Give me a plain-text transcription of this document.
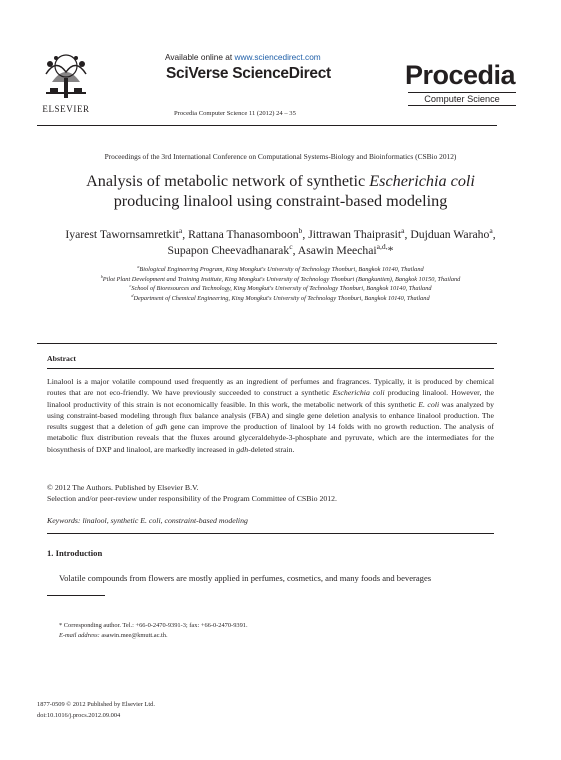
ELSEVIER
Available online at www.sciencedirect.com
SciVerse ScienceDirect
Procedia Computer Science 11 (2012) 24 – 35
Procedia
Computer Science
Proceedings of the 3rd International Conference on Computational Systems-Biology and Bioinformatics (CSBio 2012)
Analysis of metabolic network of synthetic Escherichia coli
producing linalool using constraint-based modeling
Iyarest Tawornsamretkit$^a$, Rattana Thanasomboon$^b$, Jittrawan Thaiprasit$^a$, Dujduan Waraho$^a$, Supapon Cheevadhanarak$^c$, Asawin Meechai$^{a,d,}$*
$^a$Biological Engineering Program, King Mongkut's University of Technology Thonburi, Bangkok 10140, Thailand
$^b$Pilot Plant Development and Training Institute, King Mongkut's University of Technology Thonburi (Bangkuntien), Bangkok 10150, Thailand
$^c$School of Bioresources and Technology, King Mongkut's University of Technology Thonburi, Bangkok 10140, Thailand
$^d$Department of Chemical Engineering, King Mongkut's University of Technology Thonburi, Bangkok 10140, Thailand
Abstract
Linalool is a major volatile compound used frequently as an ingredient of perfumes and fragrances. Typically, it is produced by chemical routes that are not eco-friendly. We have previously succeeded to construct a synthetic Escherichia coli producing linalool. However, the linalool productivity of this strain is not economically feasible. In this work, the metabolic network of this synthetic E. coli was analyzed by using constraint-based modeling through flux balance analysis (FBA) and single gene deletion analysis to enhance linalool production. The results suggest that a deletion of gdh gene can improve the production of linalool by 14 folds with no growth reduction. The analysis of metabolic flux distribution reveals that the fluxes around glyceraldehyde-3-phosphate and pyruvate, which are the intermediates for the biosynthesis of DXP and linalool, are markedly increased in gdh-deleted strain.
© 2012 The Authors. Published by Elsevier B.V.
Selection and/or peer-review under responsibility of the Program Committee of CSBio 2012.
Keywords: linalool, synthetic E. coli, constraint-based modeling
1. Introduction
Volatile compounds from flowers are mostly applied in perfumes, cosmetics, and many foods and beverages
* Corresponding author. Tel.: +66-0-2470-9391-3; fax: +66-0-2470-9391.
E-mail address: asawin.mee@kmutt.ac.th.
1877-0509 © 2012 Published by Elsevier Ltd.
doi:10.1016/j.procs.2012.09.004
